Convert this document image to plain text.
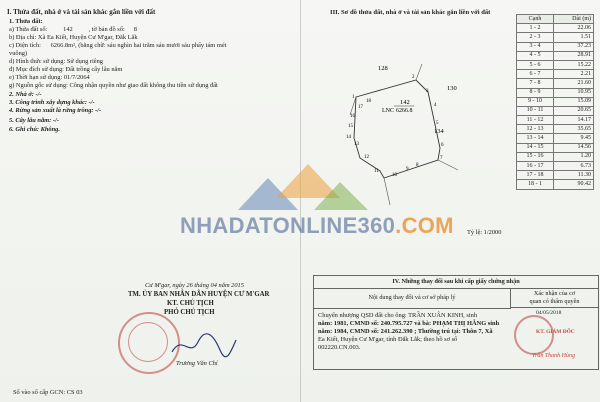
I. Thửa đất, nhà ở và tài sản khác gắn liền với đất
1. Thửa đất:
a) Thửa đất số: 142 , tờ bản đồ số: 8
b) Địa chỉ: Xã Ea Kiết, Huyện Cư M'gar, Đăk Lăk
c) Diện tích: 6266.8m², (bằng chữ: sáu nghìn hai trăm sáu mươi sáu phẩy tám mét
vuông)
d) Hình thức sử dụng: Sử dụng riêng
đ) Mục đích sử dụng: Đất trồng cây lâu năm
e) Thời hạn sử dụng: 01/7/2064
g) Nguồn gốc sử dụng: Công nhận quyền như giao đất không thu tiền sử dụng đất
2. Nhà ở: -/-
3. Công trình xây dựng khác: -/-
4. Rừng sản xuất là rừng trồng: -/-
5. Cây lâu năm: -/-
6. Ghi chú: Không.
III. Sơ đồ thửa đất, nhà ở và tài sản khác gắn liền với đất
128
130
134
142
LNC 6266.8
1
2
3
4
5
6
7
8
9
10
11
12
13
14
15
16
17
18
Tỷ lệ: 1/2000
Cạnh	Dài (m)
1 - 2	22.06
2 - 3	1.51
3 - 4	37.23
4 - 5	28.91
5 - 6	15.22
6 - 7	2.21
7 - 8	21.60
8 - 9	10.95
9 - 10	15.09
10 - 11	20.65
11 - 12	14.17
12 - 13	35.65
13 - 14	9.45
14 - 15	14.56
15 - 16	1.20
16 - 17	6.73
17 - 18	11.30
18 - 1	90.42
NHADATONLINE360.COM
Cư M'gar, ngày 26 tháng 04 năm 2015
TM. ỦY BAN NHÂN DÂN HUYỆN CƯ M'GAR
KT. CHỦ TỊCH
PHÓ CHỦ TỊCH
Trương Văn Chí
Số vào sổ cấp GCN: CS 03
IV. Những thay đổi sau khi cấp giấy chứng nhận
Nội dung thay đổi và cơ sở pháp lý
Xác nhận của cơ
quan có thẩm quyền
Chuyển nhượng QSD đất cho ông: TRẦN XUÂN KINH, sinh
năm: 1981, CMND số: 240.795.727 và bà: PHẠM THỊ HẰNG sinh
năm: 1984, CMND số: 241.262.390 ; Thường trú tại: Thôn 7, Xã
Ea Kiết, Huyện Cư M'gar, tỉnh Đắk Lắk; theo hồ sơ số
002220.CN.003.
04/05/2018
KT. GIÁM ĐỐC
Trần Thanh Hùng
